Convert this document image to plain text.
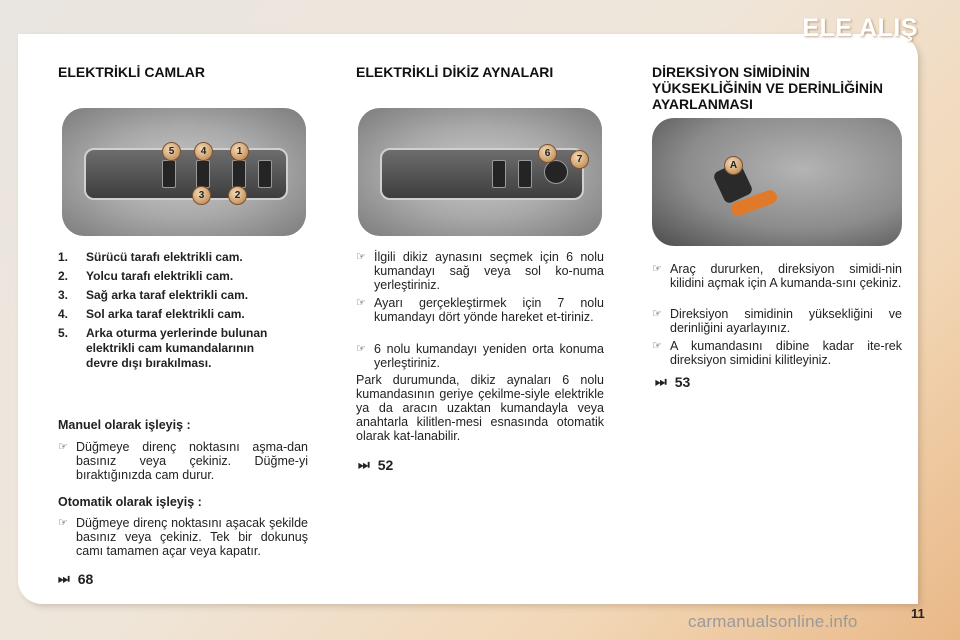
ELE ALIŞ
ELEKTRİKLİ CAMLAR
5	4	1
3	2
1.	Sürücü tarafı elektrikli cam.
2.	Yolcu tarafı elektrikli cam.
3.	Sağ arka taraf elektrikli cam.
4.	Sol arka taraf elektrikli cam.
5.	Arka oturma yerlerinde bulunan elektrikli cam kumandalarının devre dışı bırakılması.
Manuel olarak işleyiş :
☞ Düğmeye direnç noktasını aşma-dan basınız veya çekiniz. Düğme-yi bıraktığınızda cam durur.
Otomatik olarak işleyiş :
☞ Düğmeye direnç noktasını aşacak şekilde basınız veya çekiniz. Tek bir dokunuş camı tamamen açar veya kapatır.
⏭ 68
ELEKTRİKLİ DİKİZ AYNALARI
6
7
☞ İlgili dikiz aynasını seçmek için 6 nolu kumandayı sağ veya sol ko-numa yerleştiriniz.
☞ Ayarı gerçekleştirmek için 7 nolu kumandayı dört yönde hareket et-tiriniz.
☞ 6 nolu kumandayı yeniden orta konuma yerleştiriniz.
Park durumunda, dikiz aynaları 6 nolu kumandasının geriye çekilme-siyle elektrikle ya da aracın uzaktan kumandayla veya anahtarla kilitlen-mesi esnasında otomatik olarak kat-lanabilir.
⏭ 52
DİREKSİYON SİMİDİNİN YÜKSEKLİĞİNİN VE DERİNLİĞİNİN AYARLANMASI
A
☞ Araç dururken, direksiyon simidi-nin kilidini açmak için A kumanda-sını çekiniz.
☞ Direksiyon simidinin yüksekliğini ve derinliğini ayarlayınız.
☞ A kumandasını dibine kadar ite-rek direksiyon simidini kilitleyiniz.
⏭ 53
11
carmanualsonline.info
